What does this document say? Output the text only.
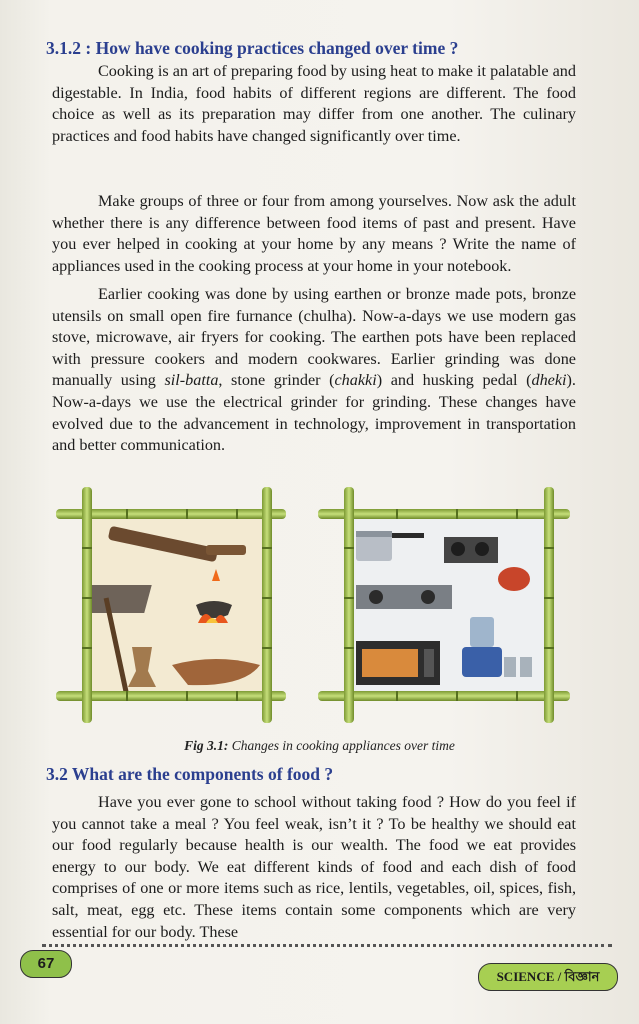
3.1.2 : How have cooking practices changed over time ?

Cooking is an art of preparing food by using heat to make it palatable and digestable. In India, food habits of different regions are different. The food choice as well as its preparation may differ from one another. The culinary practices and food habits have changed significantly over time.

Make groups of three or four from among yourselves. Now ask the adult whether there is any difference between food items of past and present. Have you ever helped in cooking at your home by any means ? Write the name of appliances used in the cooking process at your home in your notebook.

Earlier cooking was done by using earthen or bronze made pots, bronze utensils on small open fire furnance (chulha). Now-a-days we use modern gas stove, microwave, air fryers for cooking. The earthen pots have been replaced with pressure cookers and modern cookwares. Earlier grinding was done manually using sil-batta, stone grinder (chakki) and husking pedal (dheki). Now-a-days we use the electrical grinder for grinding. These changes have evolved due to the advancement in technology, improvement in transportation and better communication.

Fig 3.1: Changes in cooking appliances over time
3.2 What are the components of food ?

Have you ever gone to school without taking food ? How do you feel if you cannot take a meal ? You feel weak, isn’t it ? To be healthy we should eat our food regularly because health is our wealth. The food we eat provides energy to our body. We eat different kinds of food and each dish of food comprises of one or more items such as rice, lentils, vegetables, oil, spices, fish, salt, meat, egg etc. These items contain some components which are very essential for our body. These

67
SCIENCE / বিজ্ঞান
